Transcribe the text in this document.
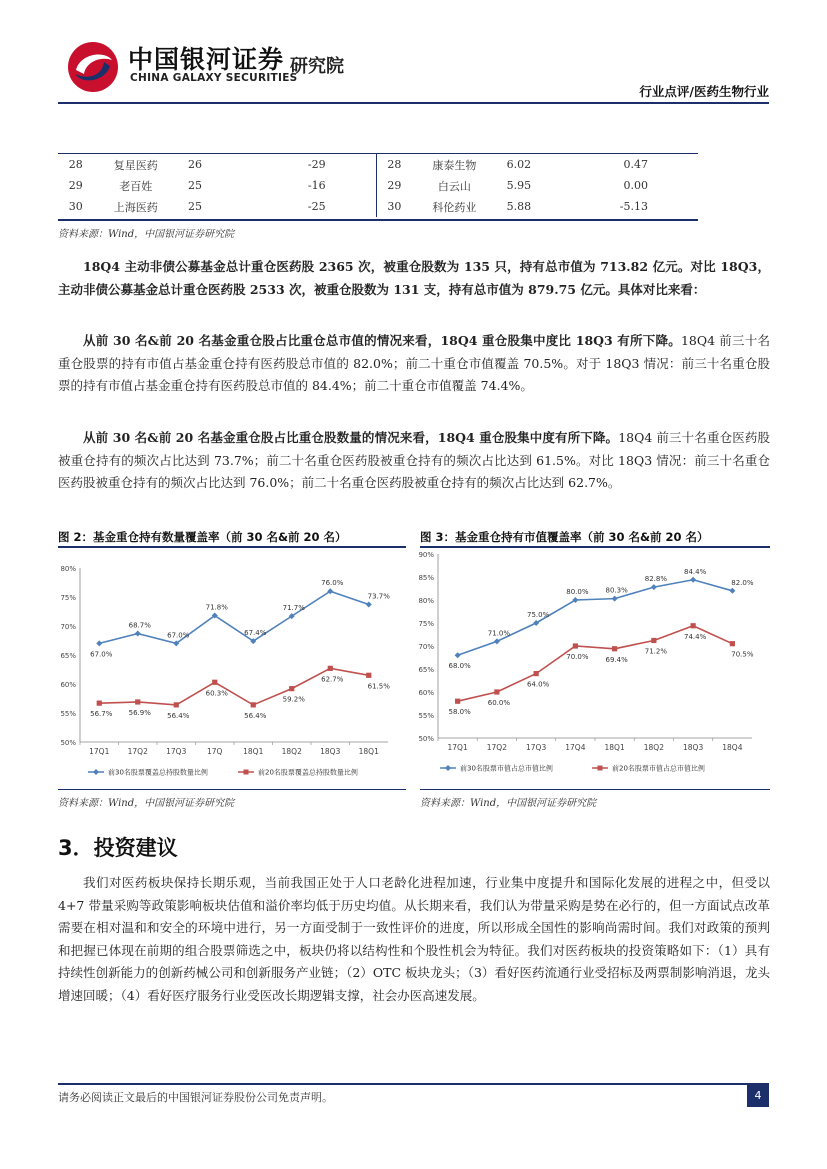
中国银河证券
CHINA GALAXY SECURITIES
研究院
行业点评/医药生物行业
28	复星医药	26	-29	28	康泰生物	6.02	0.47
29	老百姓	25	-16	29	白云山	5.95	0.00
30	上海医药	25	-25	30	科伦药业	5.88	-5.13
资料来源：Wind，中国银河证券研究院
18Q4 主动非债公募基金总计重仓医药股 2365 次，被重仓股数为 135 只，持有总市值为 713.82 亿元。对比 18Q3，主动非债公募基金总计重仓医药股 2533 次，被重仓股数为 131 支，持有总市值为 879.75 亿元。具体对比来看：
从前 30 名&前 20 名基金重仓股占比重仓总市值的情况来看，18Q4 重仓股集中度比 18Q3 有所下降。18Q4 前三十名重仓股票的持有市值占基金重仓持有医药股总市值的 82.0%；前二十重仓市值覆盖 70.5%。对于 18Q3 情况：前三十名重仓股票的持有市值占基金重仓持有医药股总市值的 84.4%；前二十重仓市值覆盖 74.4%。
从前 30 名&前 20 名基金重仓股占比重仓股数量的情况来看，18Q4 重仓股集中度有所下降。18Q4 前三十名重仓医药股被重仓持有的频次占比达到 73.7%；前二十名重仓医药股被重仓持有的频次占比达到 61.5%。对比 18Q3 情况：前三十名重仓医药股被重仓持有的频次占比达到 76.0%；前二十名重仓医药股被重仓持有的频次占比达到 62.7%。
图 2：基金重仓持有数量覆盖率（前 30 名&前 20 名）	图 3：基金重仓持有市值覆盖率（前 30 名&前 20 名）
50%
55%
60%
65%
70%
75%
80%
17Q1 17Q2 17Q3	17Q	18Q1 18Q2 18Q3 18Q1
67.0%
68.7%
67.0%
71.8%
67.4%
71.7%
76.0%
73.7%
前30名股票覆盖总持股数量比例
56.7% 56.9% 56.4%
60.3%
56.4%
59.2%
62.7%
61.5%
前20名股票覆盖总持股数量比例
50%
55%
60%
65%
70%
75%
80%
85%
90%
17Q1	17Q2	17Q3	17Q4	18Q1	18Q2	18Q3	18Q4
68.0%
71.0%
75.0%
80.0% 80.3%
82.8%
84.4%
82.0%
前30名股票市值占总市值比例
58.0%
60.0%
64.0%
70.0% 69.4%
71.2%
74.4%
70.5%
前20名股票市值占总市值比例
资料来源：Wind，中国银河证券研究院	资料来源：Wind，中国银河证券研究院
3．投资建议
我们对医药板块保持长期乐观，当前我国正处于人口老龄化进程加速，行业集中度提升和国际化发展的进程之中，但受以 4+7 带量采购等政策影响板块估值和溢价率均低于历史均值。从长期来看，我们认为带量采购是势在必行的，但一方面试点改革需要在相对温和和安全的环境中进行，另一方面受制于一致性评价的进度，所以形成全国性的影响尚需时间。我们对政策的预判和把握已体现在前期的组合股票筛选之中，板块仍将以结构性和个股性机会为特征。我们对医药板块的投资策略如下：（1）具有持续性创新能力的创新药械公司和创新服务产业链；（2）OTC 板块龙头；（3）看好医药流通行业受招标及两票制影响消退，龙头增速回暖；（4）看好医疗服务行业受医改长期逻辑支撑，社会办医高速发展。
请务必阅读正文最后的中国银河证券股份公司免责声明。	4
